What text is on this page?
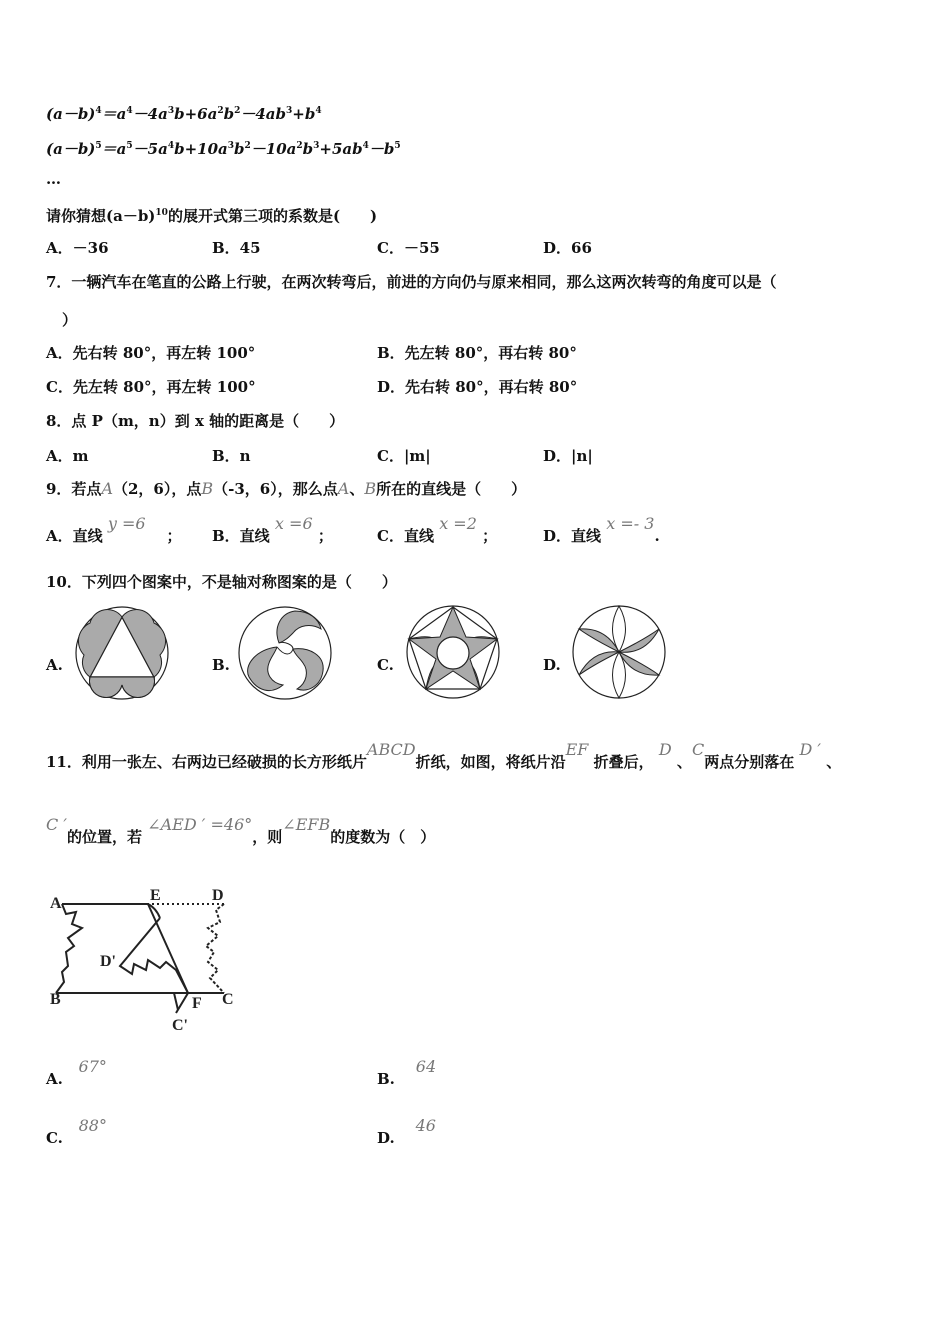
$(a-b)^4=a^4-4a^3b+6a^2b^2-4ab^3+b^4$
$(a-b)^5=a^5-5a^4b+10a^3b^2-10a^2b^3+5ab^4-b^5$
…
请你猜想$(a-b)^{10}$的展开式第三项的系数是(　　)
A．－36	B．45	C．－55	D．66
7．一辆汽车在笔直的公路上行驶，在两次转弯后，前进的方向仍与原来相同，那么这两次转弯的角度可以是（
）
A．先右转 80°，再左转 100°	B．先左转 80°，再右转 80°
C．先左转 80°，再左转 100°	D．先右转 80°，再右转 80°
8．点 P（m，n）到 x 轴的距离是（　　）
A．m	B．n	C．|m|	D．|n|
9．若点A（2，6），点B（-3，6），那么点A、B所在的直线是（　　）
A．直线 y =6    ； B．直线 x =6 ；	C．直线 x =2 ；	D．直线 x =- 3.
10．下列四个图案中，不是轴对称图案的是（　　）
A.	B.	C.	D.
11．利用一张左、右两边已经破损的长方形纸片ABCD折纸，如图，将纸片沿EF 折叠后， D 、C两点分别落在 D ′ 、
C ′的位置，若 ∠AED ′ =46°，则∠EFB的度数为（　）
A	E	D
D'
B	F C
C'
A.   67°
B.    64
C.   88°
D.    46
